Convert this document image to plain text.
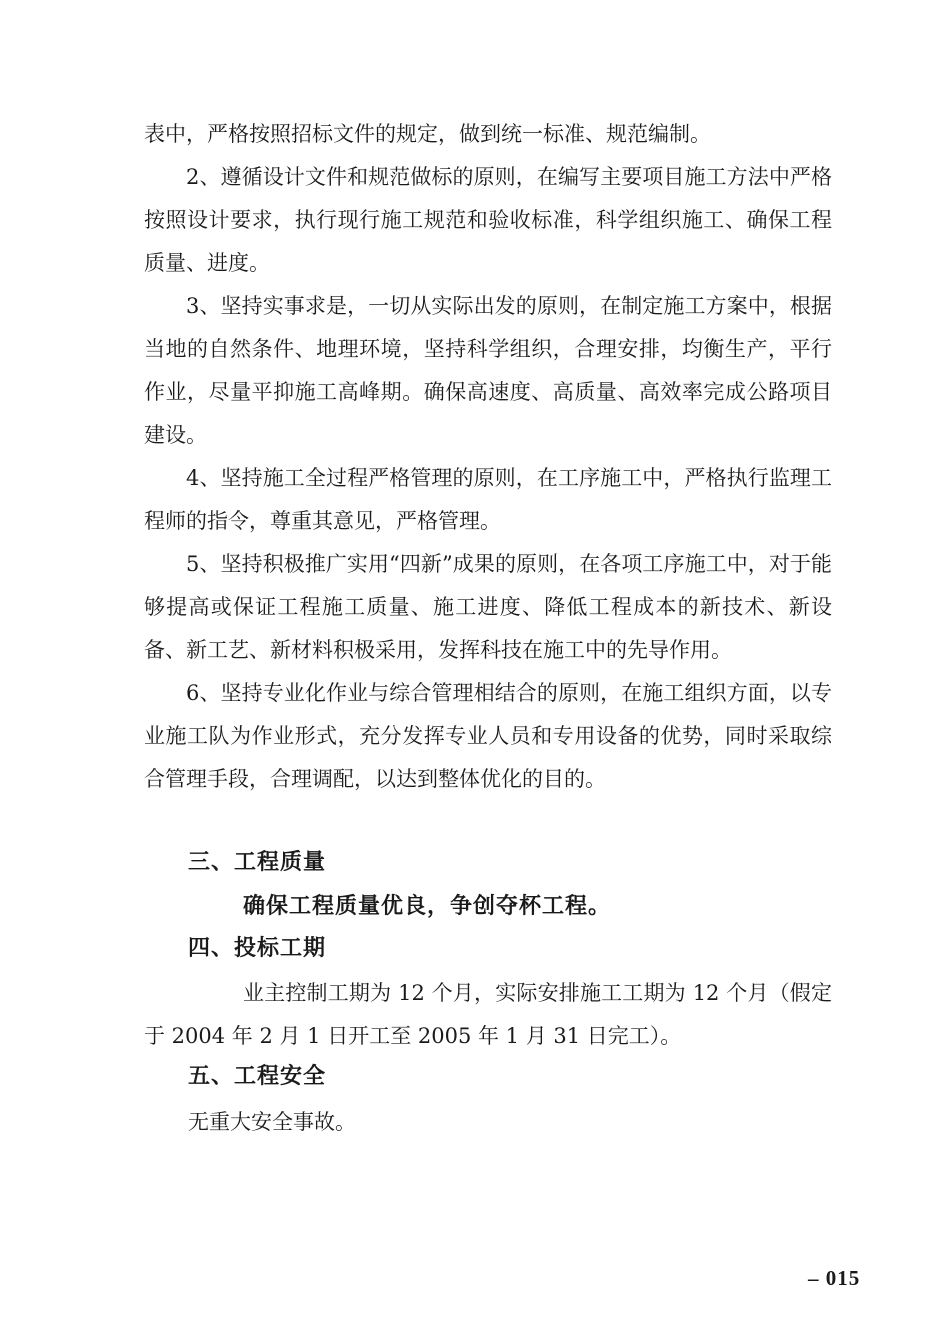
表中，严格按照招标文件的规定，做到统一标准、规范编制。

2、遵循设计文件和规范做标的原则，在编写主要项目施工方法中严格按照设计要求，执行现行施工规范和验收标准，科学组织施工、确保工程质量、进度。

3、坚持实事求是，一切从实际出发的原则，在制定施工方案中，根据当地的自然条件、地理环境，坚持科学组织，合理安排，均衡生产，平行作业，尽量平抑施工高峰期。确保高速度、高质量、高效率完成公路项目建设。

4、坚持施工全过程严格管理的原则，在工序施工中，严格执行监理工程师的指令，尊重其意见，严格管理。

5、坚持积极推广实用“四新”成果的原则，在各项工序施工中，对于能够提高或保证工程施工质量、施工进度、降低工程成本的新技术、新设备、新工艺、新材料积极采用，发挥科技在施工中的先导作用。

6、坚持专业化作业与综合管理相结合的原则，在施工组织方面，以专业施工队为作业形式，充分发挥专业人员和专用设备的优势，同时采取综合管理手段，合理调配，以达到整体优化的目的。

三、工程质量

确保工程质量优良，争创夺杯工程。

四、投标工期

业主控制工期为 12 个月，实际安排施工工期为 12 个月（假定于 2004 年 2 月 1 日开工至 2005 年 1 月 31 日完工）。

五、工程安全

无重大安全事故。

– 015
